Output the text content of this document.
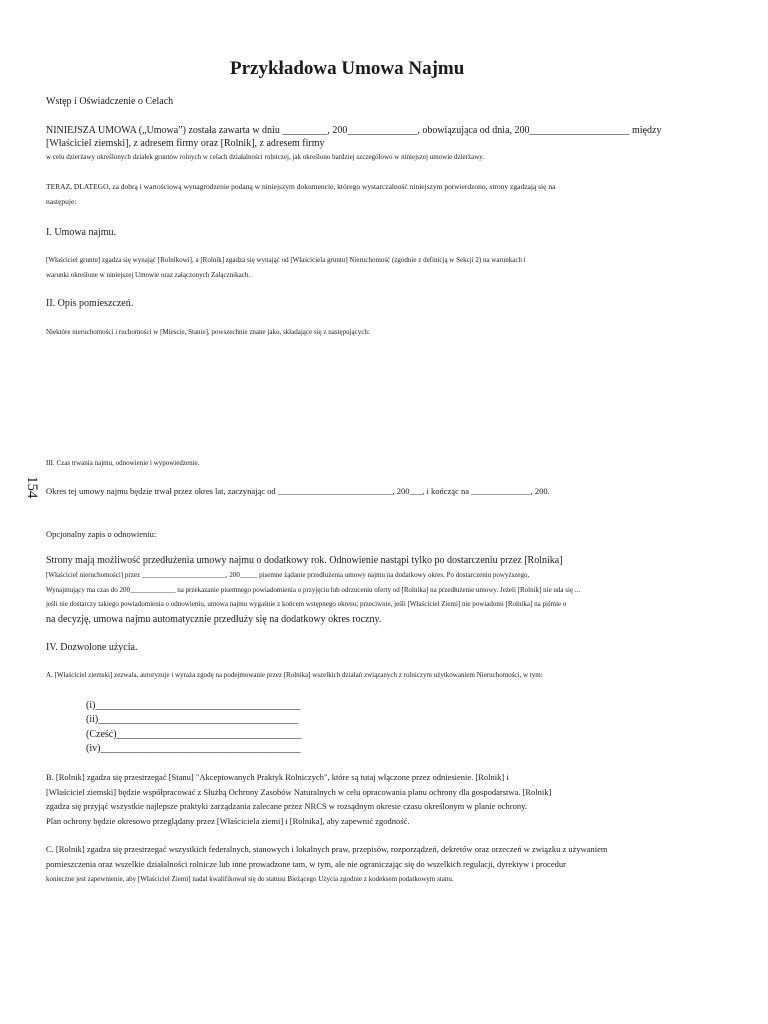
Przykładowa Umowa Najmu
154
Wstęp i Oświadczenie o Celach
NINIEJSZA UMOWA („Umowa”) została zawarta w dniu _________, 200______________, obowiązująca od dnia, 200____________________ między
[Właściciel ziemski], z adresem firmy oraz [Rolnik], z adresem firmy
w celu dzierżawy określonych działek gruntów rolnych w celach działalności rolniczej, jak określono bardziej szczegółowo w niniejszej umowie dzierżawy.
TERAZ, DLATEGO, za dobrą i wartościową wynagrodzenie podaną w niniejszym dokumencie, którego wystarczalność niniejszym potwierdzono, strony zgadzają się na
następuje:
I. Umowa najmu.
[Właściciel gruntu] zgadza się wynająć [Rolnikowi], a [Rolnik] zgadza się wynająć od [Właściciela gruntu] Nieruchomość (zgodnie z definicją w Sekcji 2) na warunkach i
warunki określone w niniejszej Umowie oraz załączonych Załącznikach.
II. Opis pomieszczeń.
Niektóre nieruchomości i ruchomości w [Miescie, Stanie], powszechnie znane jako, składające się z następujących:
III. Czas trwania najmu, odnowienie i wypowiedzenie.
Okres tej umowy najmu będzie trwał przez okres lat, zaczynając od ___________________________, 200___, i kończąc na ______________, 200.
Opcjonalny zapis o odnowieniu:
Strony mają możliwość przedłużenia umowy najmu o dodatkowy rok. Odnowienie nastąpi tylko po dostarczeniu przez [Rolnika]
[Właściciel nieruchomości] przez ________________________, 200_____ pisemne żądanie przedłużenia umowy najmu na dodatkowy okres. Po dostarczeniu powyższego,
Wynajmujący ma czas do 200_____________ na przekazanie pisemnego powiadomienia o przyjęciu lub odrzuceniu oferty od [Rolnika] na przedłużenie umowy. Jeżeli [Rolnik] nie uda się ...
jeśli nie dostarczy takiego powiadomienia o odnowieniu, umowa najmu wygaśnie z końcem wstępnego okresu; przeciwnie, jeśli [Właściciel Ziemi] nie powiadomi [Rolnika] na piśmie o
na decyzję, umowa najmu automatycznie przedłuży się na dodatkowy okres roczny.
IV. Dozwolone użycia.
A. [Właściciel ziemski] zezwala, autoryzuje i wyraża zgodę na podejmowanie przez [Rolnika] wszelkich działań związanych z rolniczym użytkowaniem Nieruchomości, w tym:
(i)_________________________________________
(ii)________________________________________
(Cześć)_____________________________________
(iv)________________________________________
B. [Rolnik] zgadza się przestrzegać [Stanu] "Akceptowanych Praktyk Rolniczych", które są tutaj włączone przez odniesienie. [Rolnik] i
[Właściciel ziemski] będzie współpracować z Służbą Ochrony Zasobów Naturalnych w celu opracowania planu ochrony dla gospodarstwa. [Rolnik]
zgadza się przyjąć wszystkie najlepsze praktyki zarządzania zalecane przez NRCS w rozsądnym okresie czasu określonym w planie ochrony.
Plan ochrony będzie okresowo przeglądany przez [Właściciela ziemi] i [Rolnika], aby zapewnić zgodność.
C. [Rolnik] zgadza się przestrzegać wszystkich federalnych, stanowych i lokalnych praw, przepisów, rozporządzeń, dekretów oraz orzeczeń w związku z używaniem
pomieszczenia oraz wszelkie działalności rolnicze lub inne prowadzone tam, w tym, ale nie ograniczając się do wszelkich regulacji, dyrektyw i procedur
konieczne jest zapewnienie, aby [Właściciel Ziemi] nadal kwalifikował się do statusu Bieżącego Użycia zgodnie z kodeksem podatkowym stanu.
